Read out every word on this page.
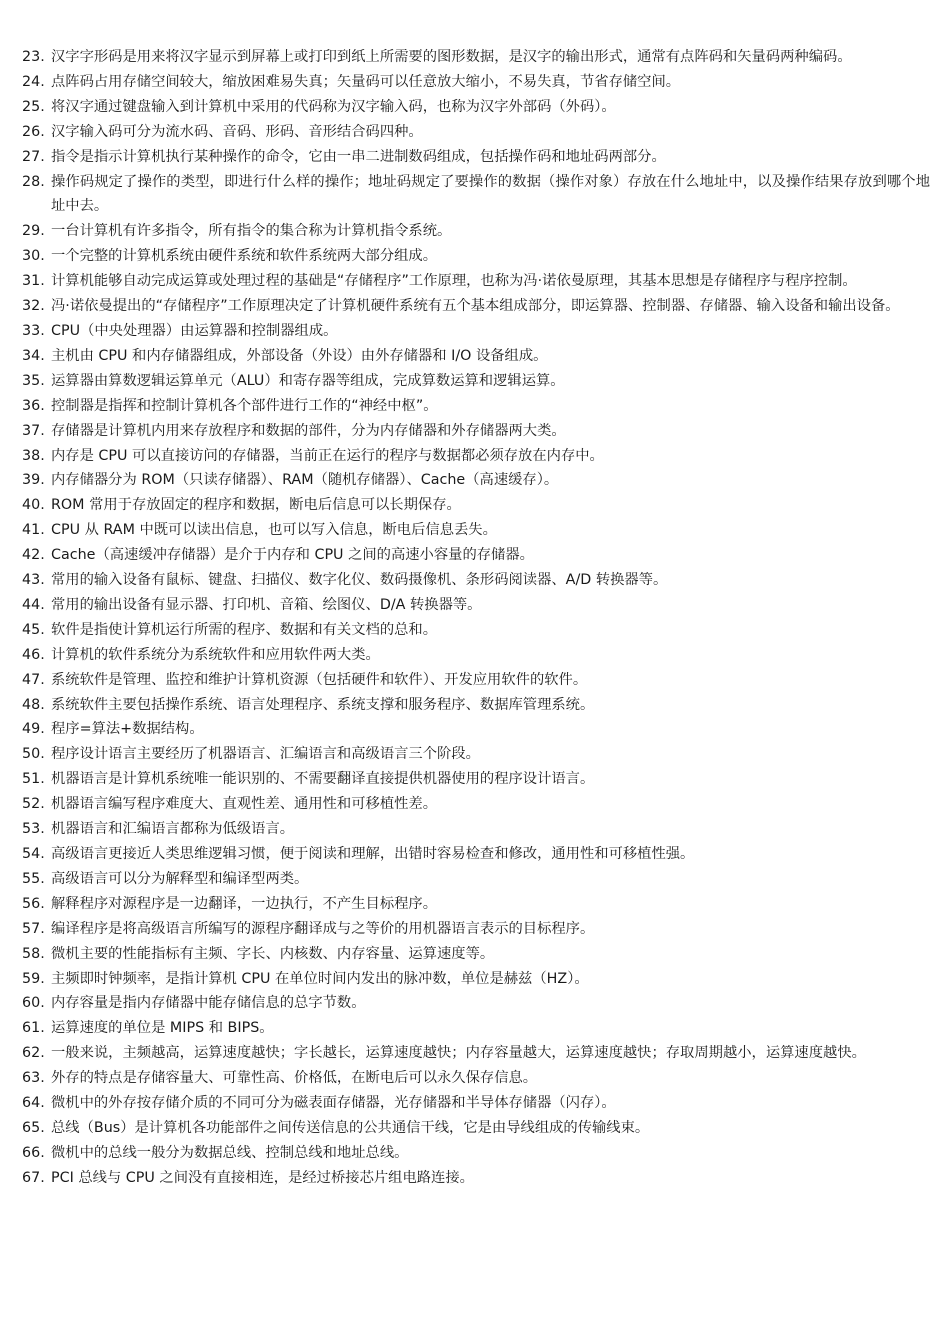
23. 汉字字形码是用来将汉字显示到屏幕上或打印到纸上所需要的图形数据，是汉字的输出形式，通常有点阵码和矢量码两种编码。
24. 点阵码占用存储空间较大，缩放困难易失真；矢量码可以任意放大缩小，不易失真，节省存储空间。
25. 将汉字通过键盘输入到计算机中采用的代码称为汉字输入码，也称为汉字外部码（外码）。
26. 汉字输入码可分为流水码、音码、形码、音形结合码四种。
27. 指令是指示计算机执行某种操作的命令，它由一串二进制数码组成，包括操作码和地址码两部分。
28. 操作码规定了操作的类型，即进行什么样的操作；地址码规定了要操作的数据（操作对象）存放在什么地址中，以及操作结果存放到哪个地址中去。
29. 一台计算机有许多指令，所有指令的集合称为计算机指令系统。
30. 一个完整的计算机系统由硬件系统和软件系统两大部分组成。
31. 计算机能够自动完成运算或处理过程的基础是“存储程序”工作原理，也称为冯·诺依曼原理，其基本思想是存储程序与程序控制。
32. 冯·诺依曼提出的“存储程序”工作原理决定了计算机硬件系统有五个基本组成部分，即运算器、控制器、存储器、输入设备和输出设备。
33. CPU（中央处理器）由运算器和控制器组成。
34. 主机由 CPU 和内存储器组成，外部设备（外设）由外存储器和 I/O 设备组成。
35. 运算器由算数逻辑运算单元（ALU）和寄存器等组成，完成算数运算和逻辑运算。
36. 控制器是指挥和控制计算机各个部件进行工作的“神经中枢”。
37. 存储器是计算机内用来存放程序和数据的部件，分为内存储器和外存储器两大类。
38. 内存是 CPU 可以直接访问的存储器，当前正在运行的程序与数据都必须存放在内存中。
39. 内存储器分为 ROM（只读存储器）、RAM（随机存储器）、Cache（高速缓存）。
40. ROM 常用于存放固定的程序和数据，断电后信息可以长期保存。
41. CPU 从 RAM 中既可以读出信息，也可以写入信息，断电后信息丢失。
42. Cache（高速缓冲存储器）是介于内存和 CPU 之间的高速小容量的存储器。
43. 常用的输入设备有鼠标、键盘、扫描仪、数字化仪、数码摄像机、条形码阅读器、A/D 转换器等。
44. 常用的输出设备有显示器、打印机、音箱、绘图仪、D/A 转换器等。
45. 软件是指使计算机运行所需的程序、数据和有关文档的总和。
46. 计算机的软件系统分为系统软件和应用软件两大类。
47. 系统软件是管理、监控和维护计算机资源（包括硬件和软件）、开发应用软件的软件。
48. 系统软件主要包括操作系统、语言处理程序、系统支撑和服务程序、数据库管理系统。
49. 程序=算法+数据结构。
50. 程序设计语言主要经历了机器语言、汇编语言和高级语言三个阶段。
51. 机器语言是计算机系统唯一能识别的、不需要翻译直接提供机器使用的程序设计语言。
52. 机器语言编写程序难度大、直观性差、通用性和可移植性差。
53. 机器语言和汇编语言都称为低级语言。
54. 高级语言更接近人类思维逻辑习惯，便于阅读和理解，出错时容易检查和修改，通用性和可移植性强。
55. 高级语言可以分为解释型和编译型两类。
56. 解释程序对源程序是一边翻译，一边执行，不产生目标程序。
57. 编译程序是将高级语言所编写的源程序翻译成与之等价的用机器语言表示的目标程序。
58. 微机主要的性能指标有主频、字长、内核数、内存容量、运算速度等。
59. 主频即时钟频率，是指计算机 CPU 在单位时间内发出的脉冲数，单位是赫兹（HZ）。
60. 内存容量是指内存储器中能存储信息的总字节数。
61. 运算速度的单位是 MIPS 和 BIPS。
62. 一般来说，主频越高，运算速度越快；字长越长，运算速度越快；内存容量越大，运算速度越快；存取周期越小，运算速度越快。
63. 外存的特点是存储容量大、可靠性高、价格低，在断电后可以永久保存信息。
64. 微机中的外存按存储介质的不同可分为磁表面存储器，光存储器和半导体存储器（闪存）。
65. 总线（Bus）是计算机各功能部件之间传送信息的公共通信干线，它是由导线组成的传输线束。
66. 微机中的总线一般分为数据总线、控制总线和地址总线。
67. PCI 总线与 CPU 之间没有直接相连，是经过桥接芯片组电路连接。
